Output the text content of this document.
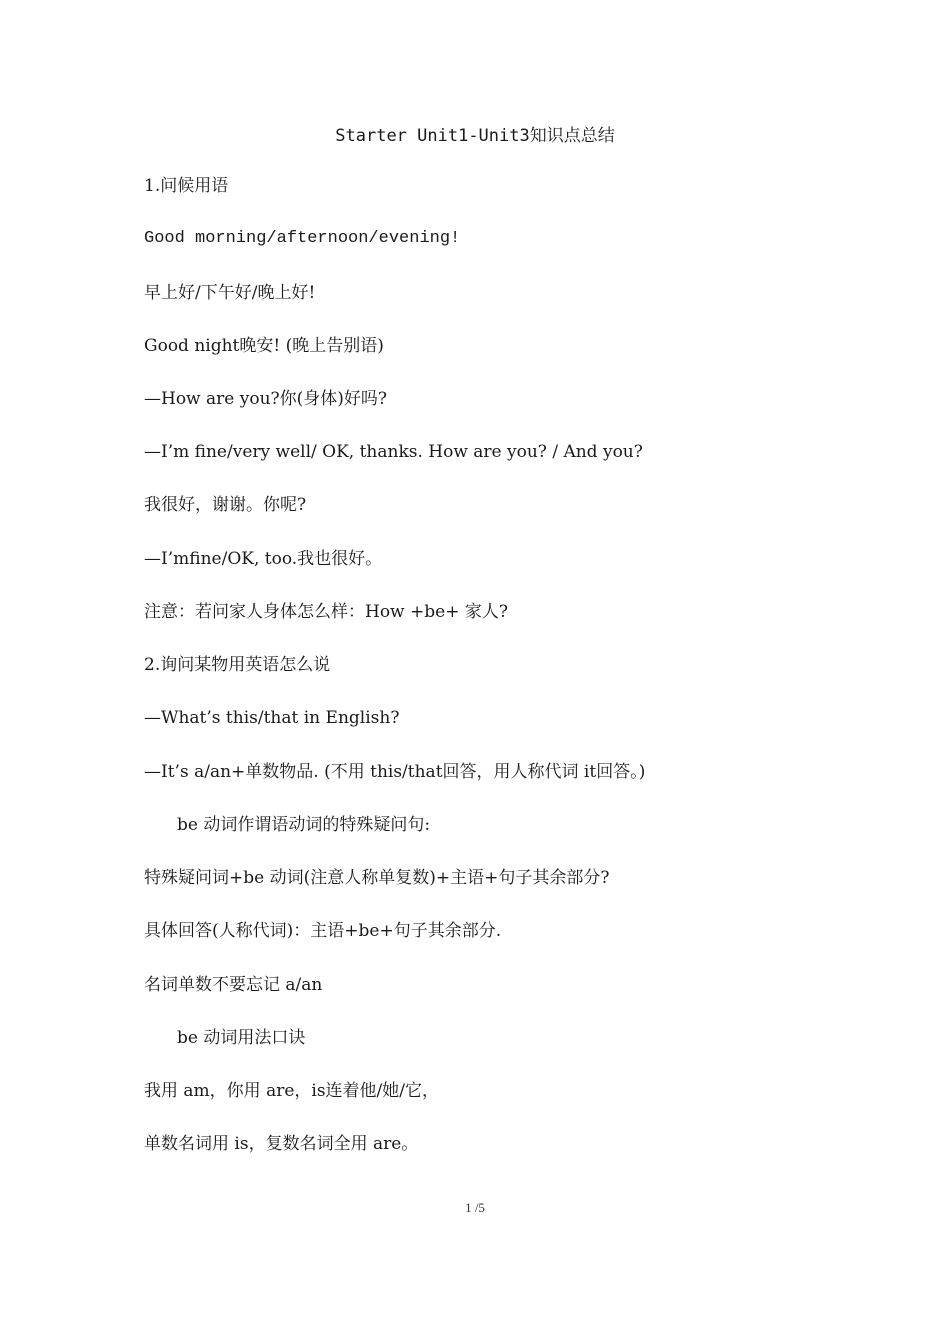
Starter Unit1-Unit3知识点总结
1.问候用语
Good morning/afternoon/evening!
早上好/下午好/晚上好!
Good night晚安! (晚上告别语)
—How are you?你(身体)好吗?
—I’m fine/very well/ OK, thanks. How are you? / And you?
我很好，谢谢。你呢?
—I’mfine/OK, too.我也很好。
注意：若问家人身体怎么样：How +be+ 家人?
2.询问某物用英语怎么说
—What’s this/that in English?
—It’s a/an+单数物品. (不用 this/that回答，用人称代词 it回答。)
be 动词作谓语动词的特殊疑问句:
特殊疑问词+be 动词(注意人称单复数)+主语+句子其余部分?
具体回答(人称代词)：主语+be+句子其余部分.
名词单数不要忘记 a/an
be 动词用法口诀
我用 am，你用 are，is连着他/她/它，
单数名词用 is，复数名词全用 are。
1 /5
